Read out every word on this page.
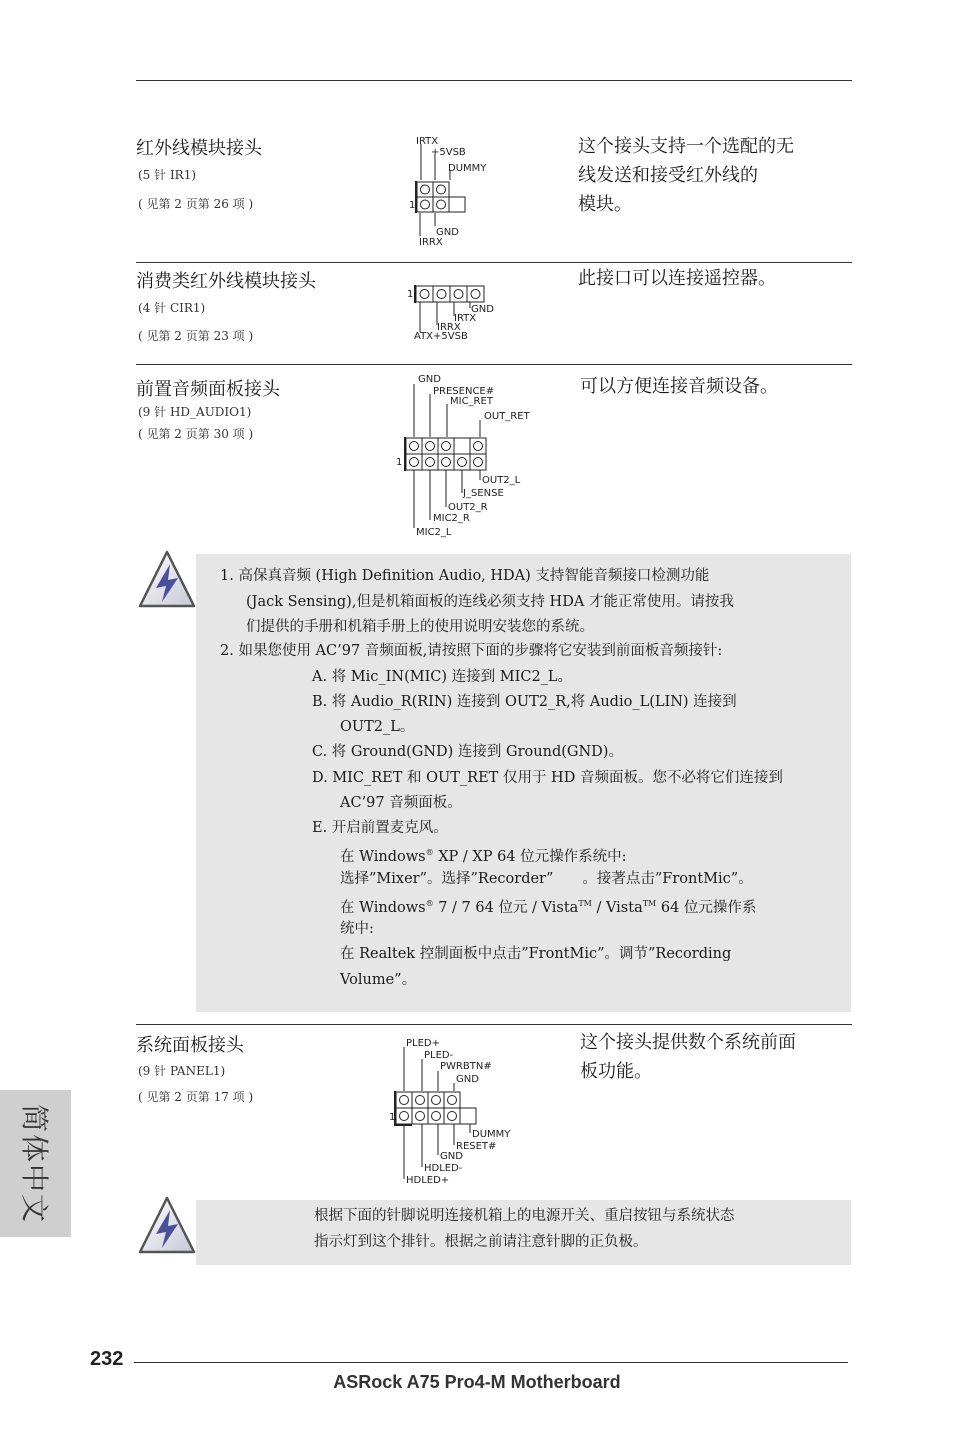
红外线模块接头
(5 针 IR1)
( 见第 2 页第 26 项 )
这个接头支持一个选配的无
线发送和接受红外线的
模块。
IRTX
+5VSB
DUMMY
1
GND
IRRX
消费类红外线模块接头
(4 针 CIR1)
( 见第 2 页第 23 项 )
此接口可以连接遥控器。
1
GND
IRTX
IRRX
ATX+5VSB
前置音频面板接头
(9 针 HD_AUDIO1)
( 见第 2 页第 30 项 )
可以方便连接音频设备。
GND
PRESENCE#
MIC_RET
OUT_RET
1
OUT2_L
J_SENSE
OUT2_R
MIC2_R
MIC2_L
1. 高保真音频 (High Definition Audio, HDA) 支持智能音频接口检测功能
(Jack Sensing),但是机箱面板的连线必须支持 HDA 才能正常使用。请按我
们提供的手册和机箱手册上的使用说明安装您的系统。
2. 如果您使用 AC’97 音频面板,请按照下面的步骤将它安装到前面板音频接针:
A. 将 Mic_IN(MIC) 连接到 MIC2_L。
B. 将 Audio_R(RIN) 连接到 OUT2_R,将 Audio_L(LIN) 连接到
OUT2_L。
C. 将 Ground(GND) 连接到 Ground(GND)。
D. MIC_RET 和 OUT_RET 仅用于 HD 音频面板。您不必将它们连接到
AC’97 音频面板。
E. 开启前置麦克风。
在 Windows® XP / XP 64 位元操作系统中:
选择”Mixer”。选择”Recorder”　　。接著点击”FrontMic”。
在 Windows® 7 / 7 64 位元 / Vista™ / Vista™ 64 位元操作系
统中:
在 Realtek 控制面板中点击”FrontMic”。调节”Recording
Volume”。
系统面板接头
(9 针 PANEL1)
( 见第 2 页第 17 项 )
这个接头提供数个系统前面
板功能。
PLED+
PLED-
PWRBTN#
GND
1
DUMMY
RESET#
GND
HDLED-
HDLED+
根据下面的针脚说明连接机箱上的电源开关、重启按钮与系统状态
指示灯到这个排针。根据之前请注意针脚的正负极。
简体中文
232
ASRock A75 Pro4-M Motherboard
